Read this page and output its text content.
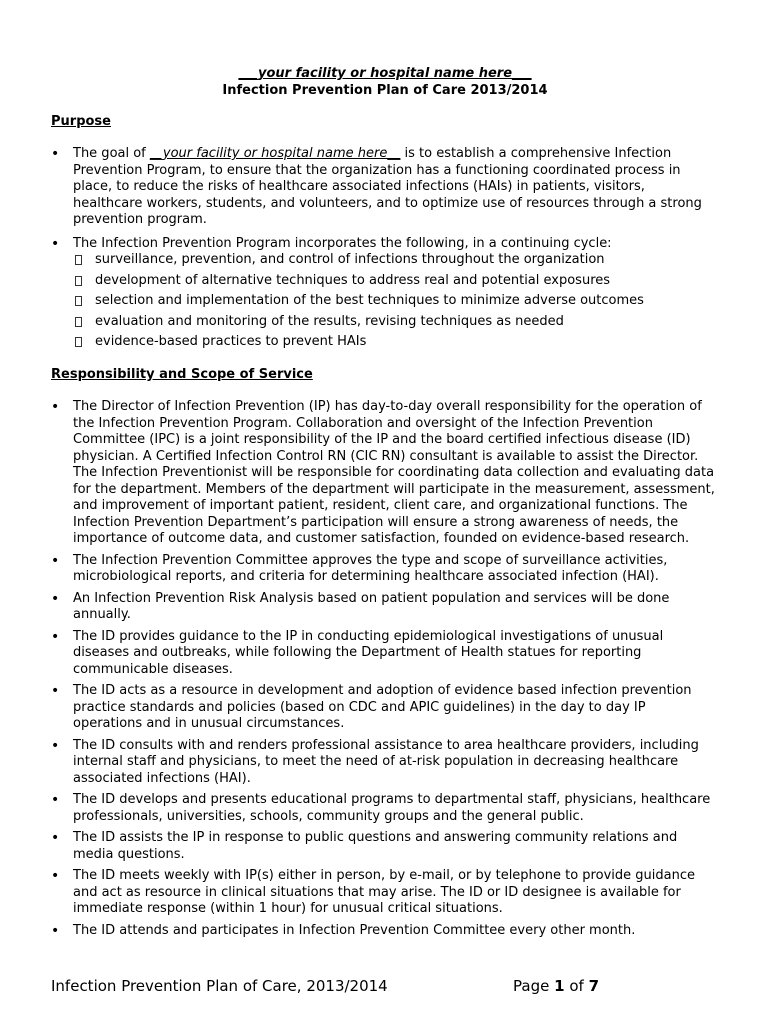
___your facility or hospital name here___
Infection Prevention Plan of Care 2013/2014
Purpose
• The goal of __your facility or hospital name here__ is to establish a comprehensive Infection Prevention Program, to ensure that the organization has a functioning coordinated process in place, to reduce the risks of healthcare associated infections (HAIs) in patients, visitors, healthcare workers, students, and volunteers, and to optimize use of resources through a strong prevention program.
• The Infection Prevention Program incorporates the following, in a continuing cycle:
surveillance, prevention, and control of infections throughout the organization
development of alternative techniques to address real and potential exposures
selection and implementation of the best techniques to minimize adverse outcomes
evaluation and monitoring of the results, revising techniques as needed
evidence-based practices to prevent HAIs
Responsibility and Scope of Service
• The Director of Infection Prevention (IP) has day-to-day overall responsibility for the operation of the Infection Prevention Program. Collaboration and oversight of the Infection Prevention Committee (IPC) is a joint responsibility of the IP and the board certified infectious disease (ID) physician. A Certified Infection Control RN (CIC RN) consultant is available to assist the Director. The Infection Preventionist will be responsible for coordinating data collection and evaluating data for the department. Members of the department will participate in the measurement, assessment, and improvement of important patient, resident, client care, and organizational functions. The Infection Prevention Department’s participation will ensure a strong awareness of needs, the importance of outcome data, and customer satisfaction, founded on evidence-based research.
• The Infection Prevention Committee approves the type and scope of surveillance activities, microbiological reports, and criteria for determining healthcare associated infection (HAI).
• An Infection Prevention Risk Analysis based on patient population and services will be done annually.
• The ID provides guidance to the IP in conducting epidemiological investigations of unusual diseases and outbreaks, while following the Department of Health statues for reporting communicable diseases.
• The ID acts as a resource in development and adoption of evidence based infection prevention practice standards and policies (based on CDC and APIC guidelines) in the day to day IP operations and in unusual circumstances.
• The ID consults with and renders professional assistance to area healthcare providers, including internal staff and physicians, to meet the need of at-risk population in decreasing healthcare associated infections (HAI).
• The ID develops and presents educational programs to departmental staff, physicians, healthcare professionals, universities, schools, community groups and the general public.
• The ID assists the IP in response to public questions and answering community relations and media questions.
• The ID meets weekly with IP(s) either in person, by e-mail, or by telephone to provide guidance and act as resource in clinical situations that may arise. The ID or ID designee is available for immediate response (within 1 hour) for unusual critical situations.
• The ID attends and participates in Infection Prevention Committee every other month.
Infection Prevention Plan of Care, 2013/2014	Page 1 of 7
